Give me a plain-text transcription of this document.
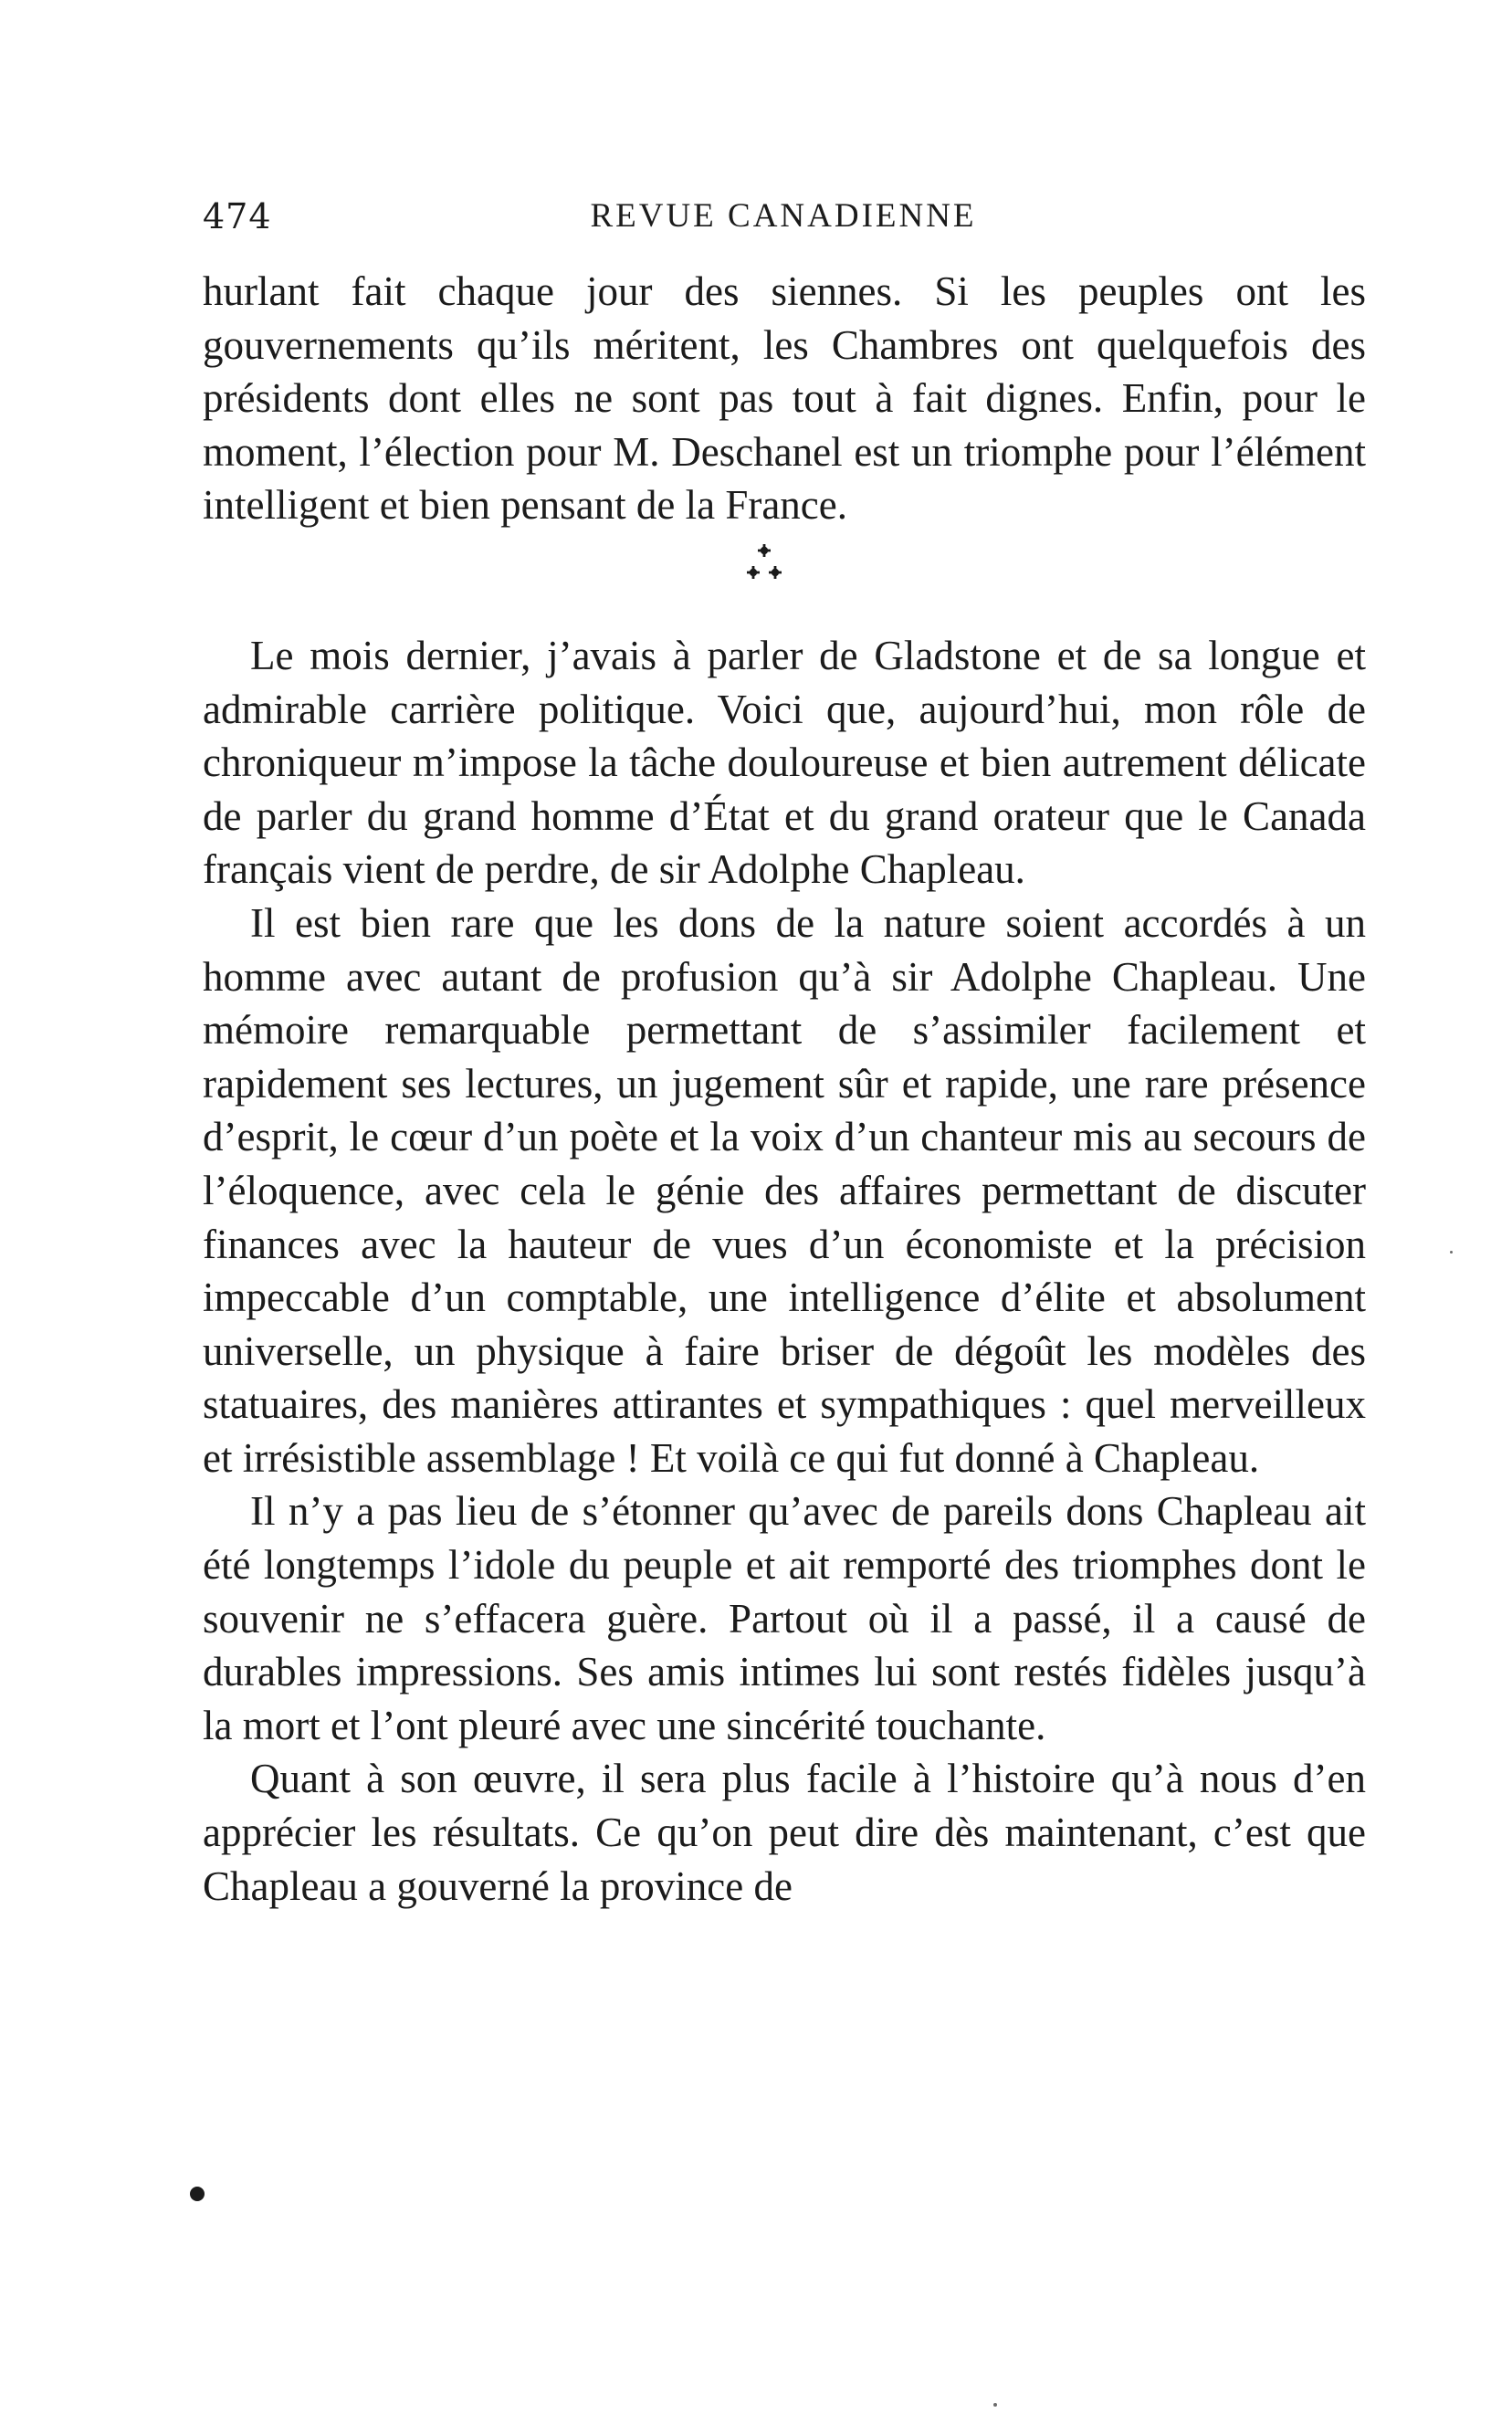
474	REVUE CANADIENNE

hurlant fait chaque jour des siennes. Si les peuples ont les gouvernements qu’ils méritent, les Chambres ont quelquefois des présidents dont elles ne sont pas tout à fait dignes. Enfin, pour le moment, l’élection pour M. Deschanel est un triomphe pour l’élément intelligent et bien pensant de la France.

Le mois dernier, j’avais à parler de Gladstone et de sa longue et admirable carrière politique. Voici que, aujourd’hui, mon rôle de chroniqueur m’impose la tâche douloureuse et bien autrement délicate de parler du grand homme d’État et du grand orateur que le Canada français vient de perdre, de sir Adolphe Chapleau.

Il est bien rare que les dons de la nature soient accordés à un homme avec autant de profusion qu’à sir Adolphe Chapleau. Une mémoire remarquable permettant de s’assimiler facilement et rapidement ses lectures, un jugement sûr et rapide, une rare présence d’esprit, le cœur d’un poète et la voix d’un chanteur mis au secours de l’éloquence, avec cela le génie des affaires permettant de discuter finances avec la hauteur de vues d’un économiste et la précision impeccable d’un comptable, une intelligence d’élite et absolument universelle, un physique à faire briser de dégoût les modèles des statuaires, des manières attirantes et sympathiques : quel merveilleux et irrésistible assemblage ! Et voilà ce qui fut donné à Chapleau.

Il n’y a pas lieu de s’étonner qu’avec de pareils dons Chapleau ait été longtemps l’idole du peuple et ait remporté des triomphes dont le souvenir ne s’effacera guère. Partout où il a passé, il a causé de durables impressions. Ses amis intimes lui sont restés fidèles jusqu’à la mort et l’ont pleuré avec une sincérité touchante.

Quant à son œuvre, il sera plus facile à l’histoire qu’à nous d’en apprécier les résultats. Ce qu’on peut dire dès maintenant, c’est que Chapleau a gouverné la province de
